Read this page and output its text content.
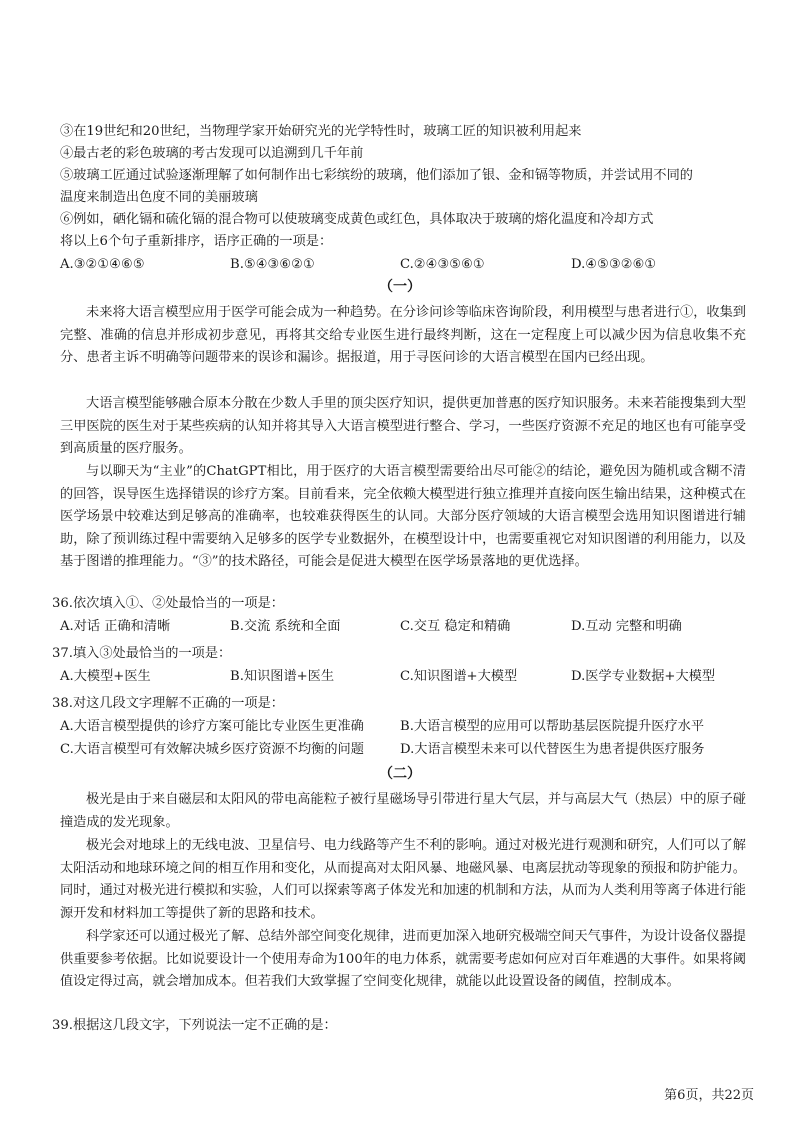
③在19世纪和20世纪，当物理学家开始研究光的光学特性时，玻璃工匠的知识被利用起来
④最古老的彩色玻璃的考古发现可以追溯到几千年前
⑤玻璃工匠通过试验逐渐理解了如何制作出七彩缤纷的玻璃，他们添加了银、金和镉等物质，并尝试用不同的
温度来制造出色度不同的美丽玻璃
⑥例如，硒化镉和硫化镉的混合物可以使玻璃变成黄色或红色，具体取决于玻璃的熔化温度和冷却方式
将以上6个句子重新排序，语序正确的一项是：
A.③②①④⑥⑤	B.⑤④③⑥②①	C.②④③⑤⑥①	D.④⑤③②⑥①
（一）
未来将大语言模型应用于医学可能会成为一种趋势。在分诊问诊等临床咨询阶段，利用模型与患者进行①，收集到完整、准确的信息并形成初步意见，再将其交给专业医生进行最终判断，这在一定程度上可以减少因为信息收集不充分、患者主诉不明确等问题带来的误诊和漏诊。据报道，用于寻医问诊的大语言模型在国内已经出现。
大语言模型能够融合原本分散在少数人手里的顶尖医疗知识，提供更加普惠的医疗知识服务。未来若能搜集到大型三甲医院的医生对于某些疾病的认知并将其导入大语言模型进行整合、学习，一些医疗资源不充足的地区也有可能享受到高质量的医疗服务。
与以聊天为“主业”的ChatGPT相比，用于医疗的大语言模型需要给出尽可能②的结论，避免因为随机或含糊不清的回答，误导医生选择错误的诊疗方案。目前看来，完全依赖大模型进行独立推理并直接向医生输出结果，这种模式在医学场景中较难达到足够高的准确率，也较难获得医生的认同。大部分医疗领域的大语言模型会选用知识图谱进行辅助，除了预训练过程中需要纳入足够多的医学专业数据外，在模型设计中，也需要重视它对知识图谱的利用能力，以及基于图谱的推理能力。“③”的技术路径，可能会是促进大模型在医学场景落地的更优选择。
36.依次填入①、②处最恰当的一项是：
A.对话 正确和清晰	B.交流 系统和全面	C.交互 稳定和精确	D.互动 完整和明确
37.填入③处最恰当的一项是：
A.大模型+医生	B.知识图谱+医生	C.知识图谱+大模型	D.医学专业数据+大模型
38.对这几段文字理解不正确的一项是：
A.大语言模型提供的诊疗方案可能比专业医生更准确	B.大语言模型的应用可以帮助基层医院提升医疗水平
C.大语言模型可有效解决城乡医疗资源不均衡的问题	D.大语言模型未来可以代替医生为患者提供医疗服务
（二）
极光是由于来自磁层和太阳风的带电高能粒子被行星磁场导引带进行星大气层，并与高层大气（热层）中的原子碰撞造成的发光现象。
极光会对地球上的无线电波、卫星信号、电力线路等产生不利的影响。通过对极光进行观测和研究，人们可以了解太阳活动和地球环境之间的相互作用和变化，从而提高对太阳风暴、地磁风暴、电离层扰动等现象的预报和防护能力。同时，通过对极光进行模拟和实验，人们可以探索等离子体发光和加速的机制和方法，从而为人类利用等离子体进行能源开发和材料加工等提供了新的思路和技术。
科学家还可以通过极光了解、总结外部空间变化规律，进而更加深入地研究极端空间天气事件，为设计设备仪器提供重要参考依据。比如说要设计一个使用寿命为100年的电力体系，就需要考虑如何应对百年难遇的大事件。如果将阈值设定得过高，就会增加成本。但若我们大致掌握了空间变化规律，就能以此设置设备的阈值，控制成本。
39.根据这几段文字，下列说法一定不正确的是：
第6页，共22页
